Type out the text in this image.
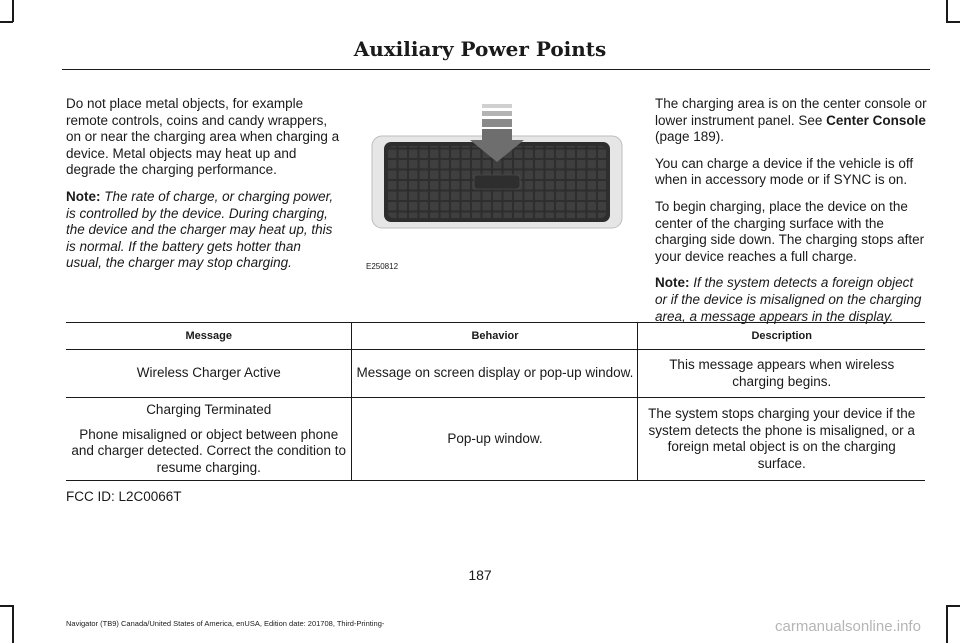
Auxiliary Power Points

Do not place metal objects, for example remote controls, coins and candy wrappers, on or near the charging area when charging a device. Metal objects may heat up and degrade the charging performance.

Note: The rate of charge, or charging power, is controlled by the device. During charging, the device and the charger may heat up, this is normal. If the battery gets hotter than usual, the charger may stop charging.	E250812

The charging area is on the center console or lower instrument panel. See Center Console (page 189).

You can charge a device if the vehicle is off when in accessory mode or if SYNC is on.

To begin charging, place the device on the center of the charging surface with the charging side down. The charging stops after your device reaches a full charge.

Note: If the system detects a foreign object or if the device is misaligned on the charging area, a message appears in the display.

Message	Behavior	Description
Wireless Charger Active	Message on screen display or pop-up window.	This message appears when wireless charging begins.

Charging Terminated

Phone misaligned or object between phone and charger detected. Correct the condition to resume charging.	Pop-up window.	The system stops charging your device if the system detects the phone is misaligned, or a foreign metal object is on the charging surface.
FCC ID: L2C0066T
187
Navigator (TB9) Canada/United States of America, enUSA, Edition date: 201708, Third-Printing-	carmanualsonline.info
